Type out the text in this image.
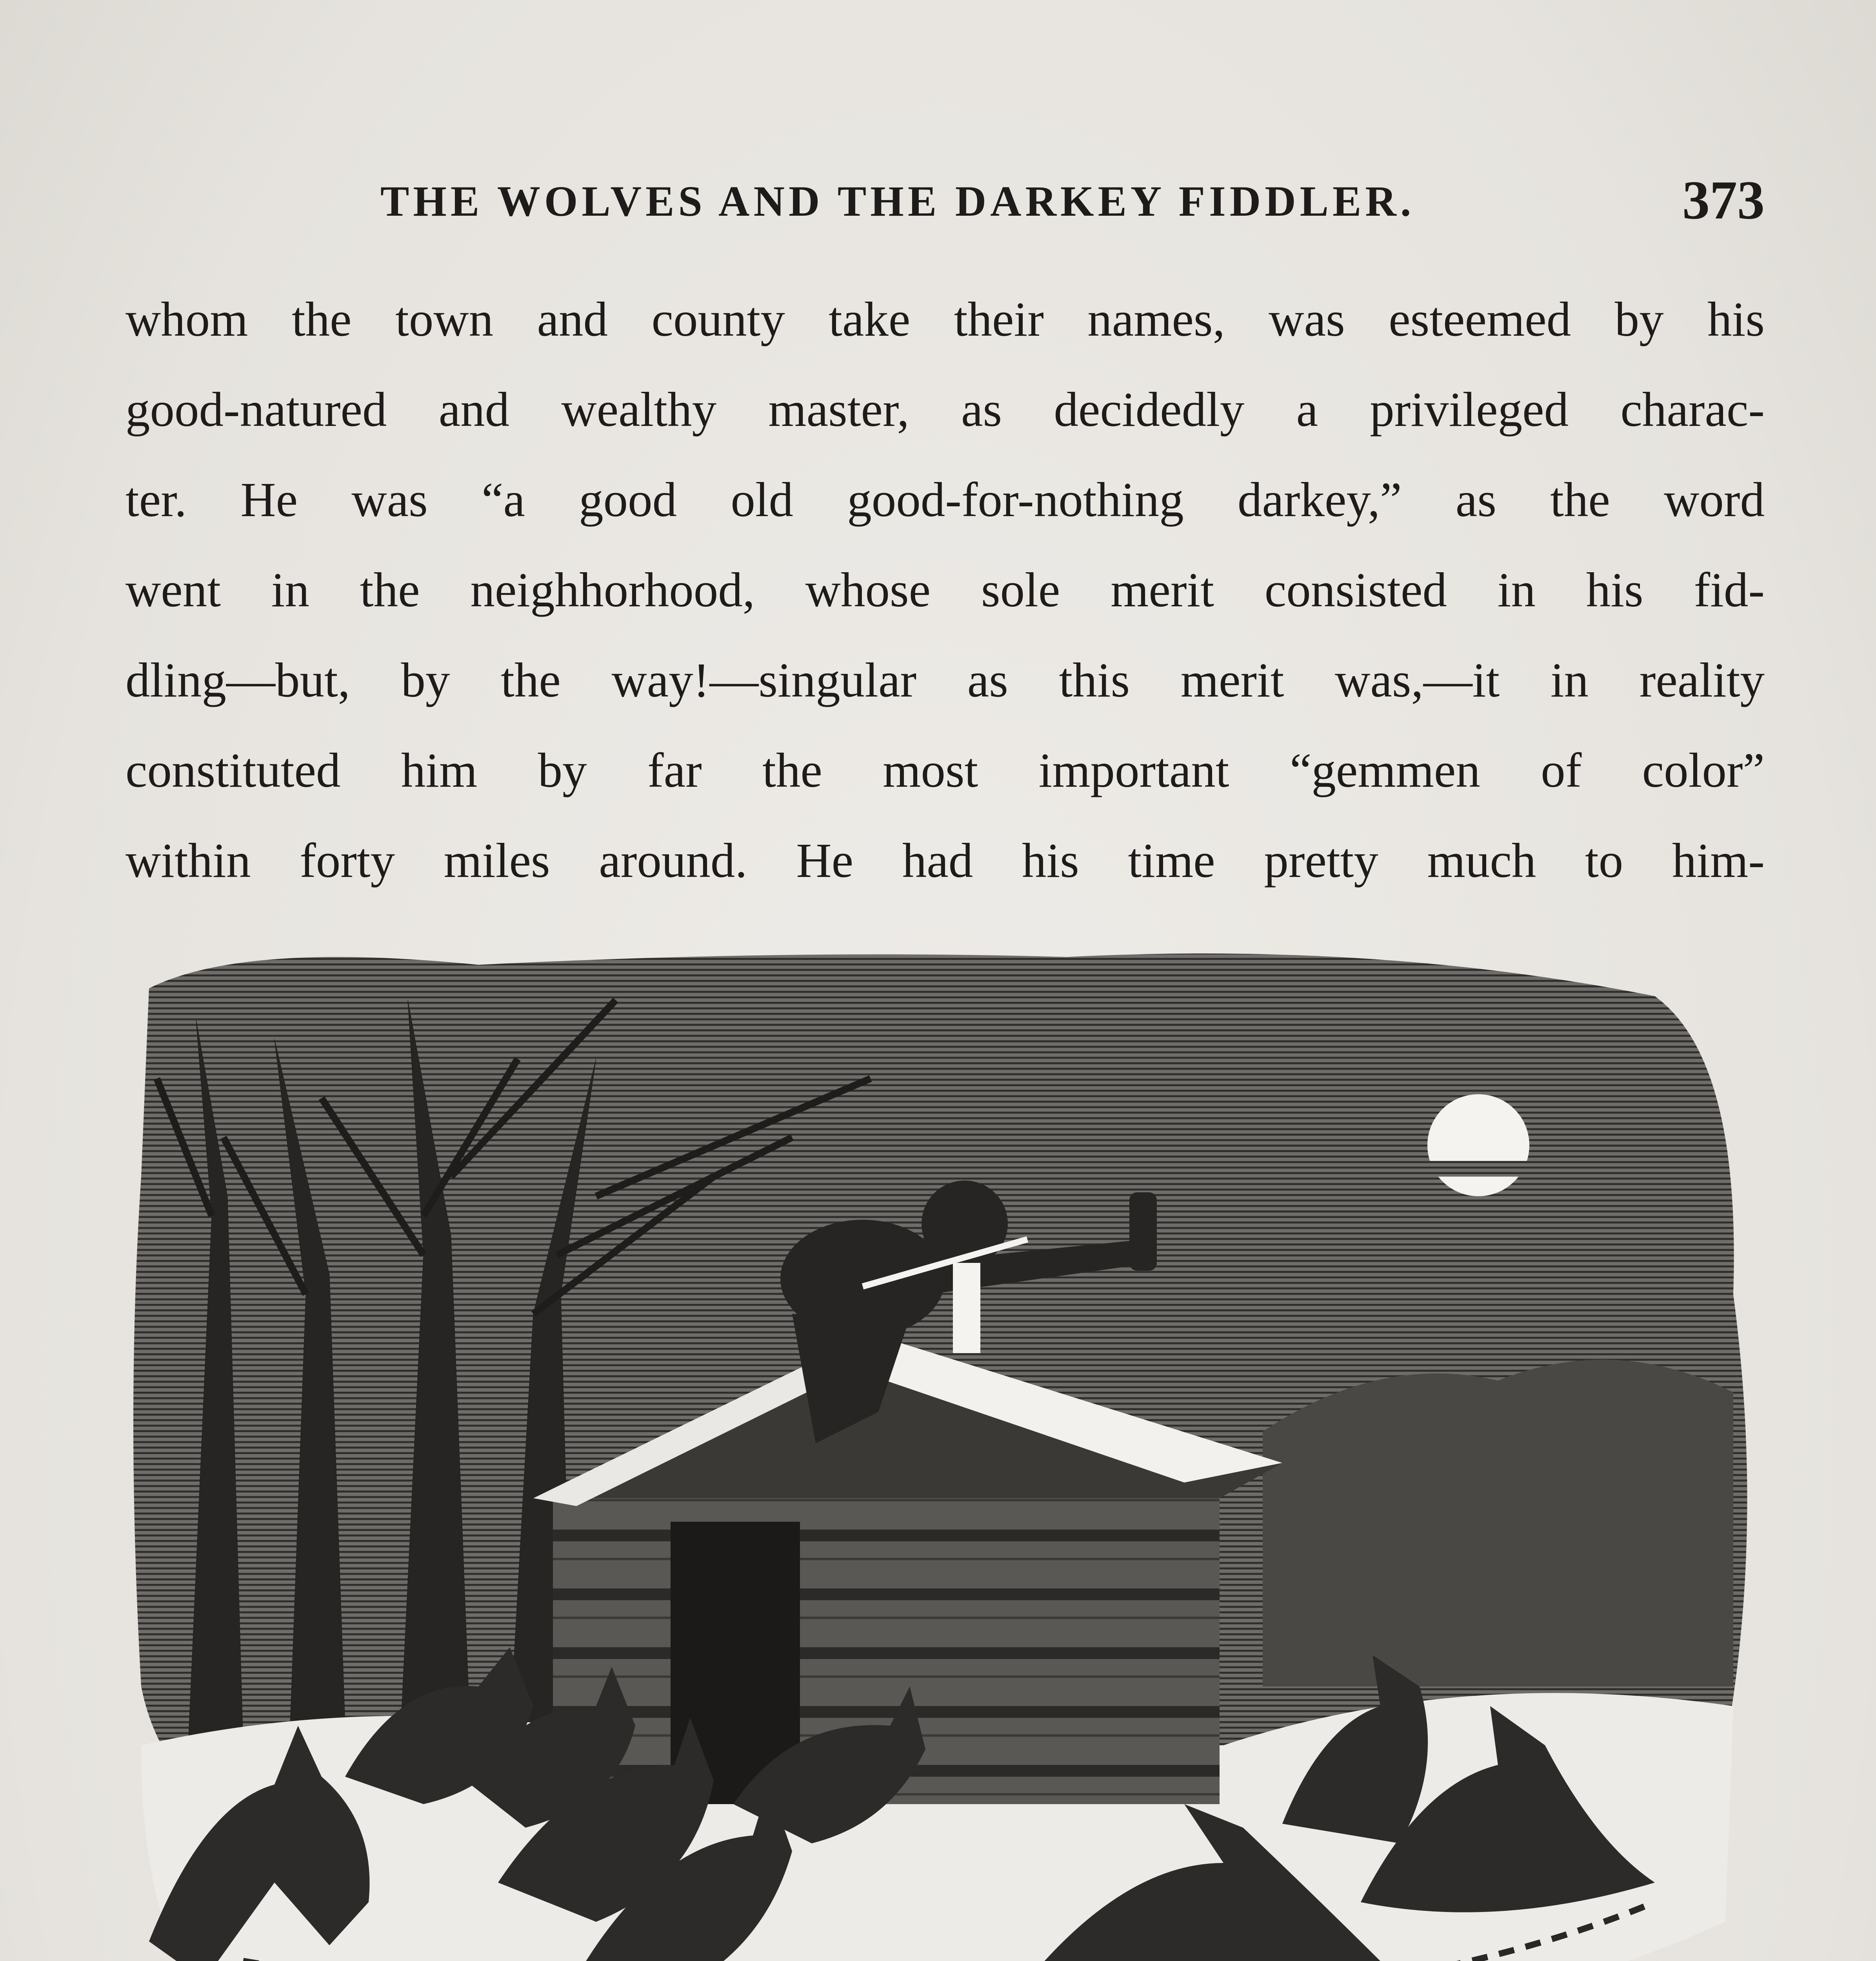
THE WOLVES AND THE DARKEY FIDDLER.	373
whom the town and county take their names, was esteemed by his
good-natured and wealthy master, as decidedly a privileged charac-
ter. He was “a good old good-for-nothing darkey,” as the word
went in the neighhorhood, whose sole merit consisted in his fid-
dling—but, by the way!—singular as this merit was,—it in reality
constituted him by far the most important “gemmen of color”
within forty miles around. He had his time pretty much to him-
